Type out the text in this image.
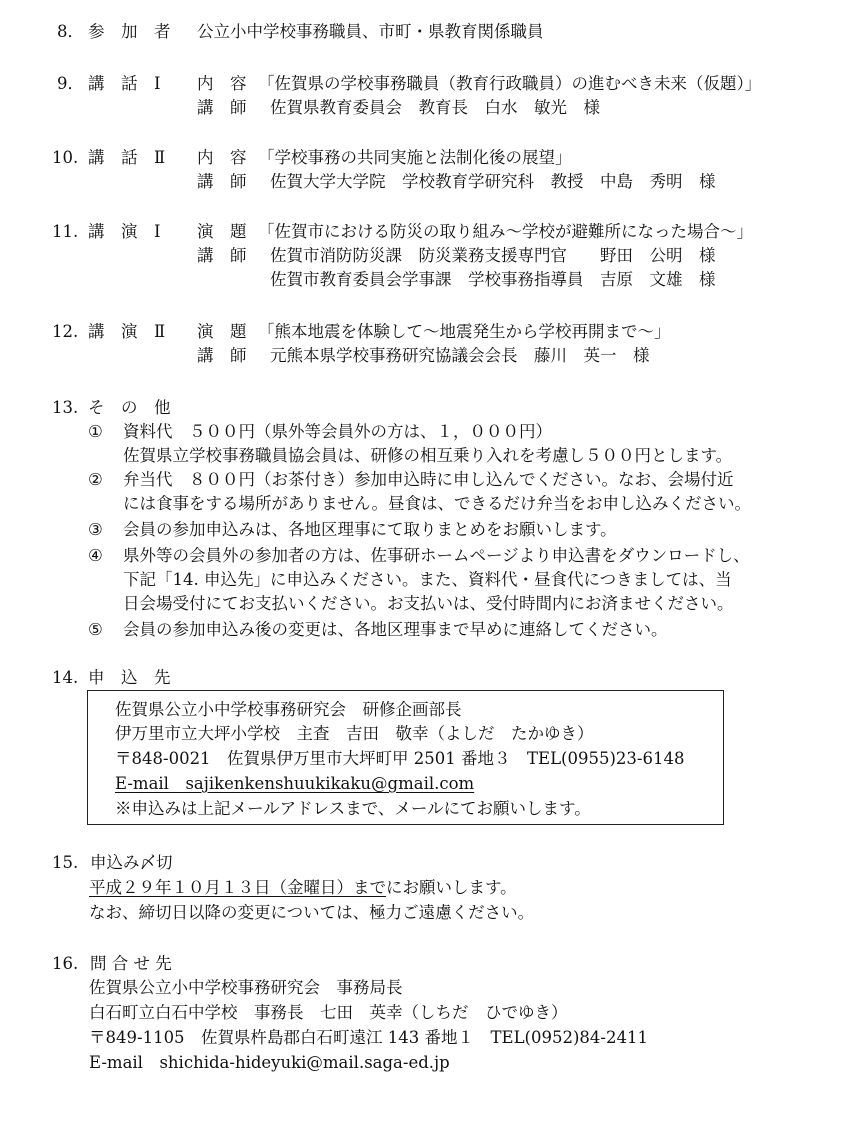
8． 参　加　者 公立小中学校事務職員、市町・県教育関係職員
9． 講　話　Ⅰ 内　容 「佐賀県の学校事務職員（教育行政職員）の進むべき未来（仮題）」
講　師 佐賀県教育委員会　教育長　白水　敏光　様
10. 講　話　Ⅱ 内　容 「学校事務の共同実施と法制化後の展望」
講　師 佐賀大学大学院　学校教育学研究科　教授　中島　秀明　様
11. 講　演　Ⅰ 演　題 「佐賀市における防災の取り組み～学校が避難所になった場合～」
講　師 佐賀市消防防災課　防災業務支援専門官　　野田　公明　様
佐賀市教育委員会学事課　学校事務指導員　吉原　文雄　様
12. 講　演　Ⅱ 演　題 「熊本地震を体験して～地震発生から学校再開まで～」
講　師 元熊本県学校事務研究協議会会長　藤川　英一　様
13. そ　の　他
① 資料代　５００円（県外等会員外の方は、１，０００円）
佐賀県立学校事務職員協会員は、研修の相互乗り入れを考慮し５００円とします。
② 弁当代　８００円（お茶付き）参加申込時に申し込んでください。なお、会場付近
には食事をする場所がありません。昼食は、できるだけ弁当をお申し込みください。
③ 会員の参加申込みは、各地区理事にて取りまとめをお願いします。
④ 県外等の会員外の参加者の方は、佐事研ホームページより申込書をダウンロードし、
下記「14. 申込先」に申込みください。また、資料代・昼食代につきましては、当
日会場受付にてお支払いください。お支払いは、受付時間内にお済ませください。
⑤ 会員の参加申込み後の変更は、各地区理事まで早めに連絡してください。
14. 申　込　先
佐賀県公立小中学校事務研究会　研修企画部長
伊万里市立大坪小学校　主査　吉田　敬幸（よしだ　たかゆき）
〒848-0021　佐賀県伊万里市大坪町甲 2501 番地３　TEL(0955)23-6148
E-mail　sajikenkenshuukikaku@gmail.com
※申込みは上記メールアドレスまで、メールにてお願いします。
15. 申込み〆切
平成２９年１０月１３日（金曜日）までにお願いします。
なお、締切日以降の変更については、極力ご遠慮ください。
16. 問 合 せ 先
佐賀県公立小中学校事務研究会　事務局長
白石町立白石中学校　事務長　七田　英幸（しちだ　ひでゆき）
〒849-1105　佐賀県杵島郡白石町遠江 143 番地１　TEL(0952)84-2411
E-mail　shichida-hideyuki@mail.saga-ed.jp
